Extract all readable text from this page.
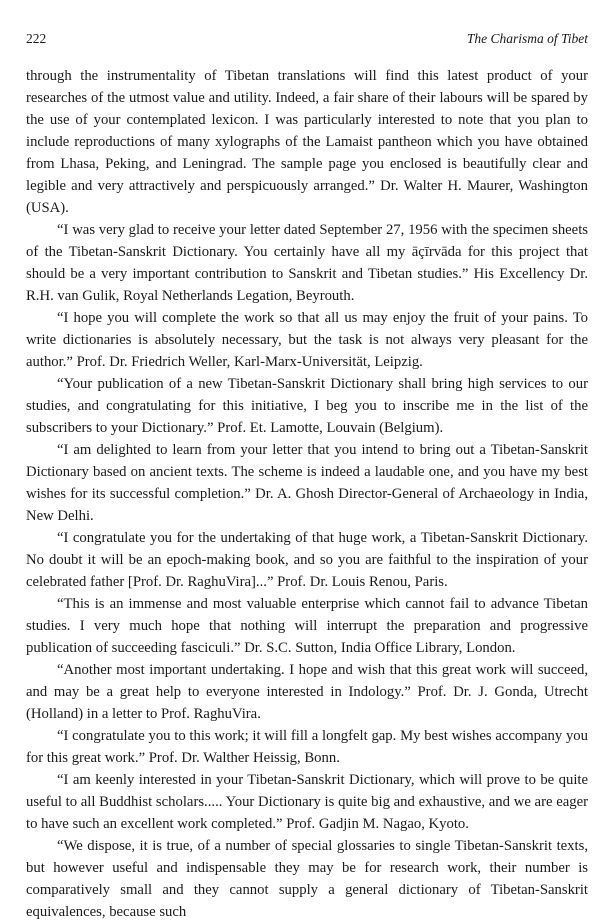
222	The Charisma of Tibet

through the instrumentality of Tibetan translations will find this latest product of your researches of the utmost value and utility. Indeed, a fair share of their labours will be spared by the use of your contemplated lexicon. I was particularly interested to note that you plan to include reproductions of many xylographs of the Lamaist pantheon which you have obtained from Lhasa, Peking, and Leningrad. The sample page you enclosed is beautifully clear and legible and very attractively and perspicuously arranged.” Dr. Walter H. Maurer, Washington (USA).

“I was very glad to receive your letter dated September 27, 1956 with the specimen sheets of the Tibetan-Sanskrit Dictionary. You certainly have all my āçīrvāda for this project that should be a very important contribution to Sanskrit and Tibetan studies.” His Excellency Dr. R.H. van Gulik, Royal Netherlands Legation, Beyrouth.

“I hope you will complete the work so that all us may enjoy the fruit of your pains. To write dictionaries is absolutely necessary, but the task is not always very pleasant for the author.” Prof. Dr. Friedrich Weller, Karl-Marx-Universität, Leipzig.

“Your publication of a new Tibetan-Sanskrit Dictionary shall bring high services to our studies, and congratulating for this initiative, I beg you to inscribe me in the list of the subscribers to your Dictionary.” Prof. Et. Lamotte, Louvain (Belgium).

“I am delighted to learn from your letter that you intend to bring out a Tibetan-Sanskrit Dictionary based on ancient texts. The scheme is indeed a laudable one, and you have my best wishes for its successful completion.” Dr. A. Ghosh Director-General of Archaeology in India, New Delhi.

“I congratulate you for the undertaking of that huge work, a Tibetan-Sanskrit Dictionary. No doubt it will be an epoch-making book, and so you are faithful to the inspiration of your celebrated father [Prof. Dr. RaghuVira]...” Prof. Dr. Louis Renou, Paris.

“This is an immense and most valuable enterprise which cannot fail to advance Tibetan studies. I very much hope that nothing will interrupt the preparation and progressive publication of succeeding fasciculi.” Dr. S.C. Sutton, India Office Library, London.

“Another most important undertaking. I hope and wish that this great work will succeed, and may be a great help to everyone interested in Indology.” Prof. Dr. J. Gonda, Utrecht (Holland) in a letter to Prof. RaghuVira.

“I congratulate you to this work; it will fill a longfelt gap. My best wishes accompany you for this great work.” Prof. Dr. Walther Heissig, Bonn.

“I am keenly interested in your Tibetan-Sanskrit Dictionary, which will prove to be quite useful to all Buddhist scholars..... Your Dictionary is quite big and exhaustive, and we are eager to have such an excellent work completed.” Prof. Gadjin M. Nagao, Kyoto.

“We dispose, it is true, of a number of special glossaries to single Tibetan-Sanskrit texts, but however useful and indispensable they may be for research work, their number is comparatively small and they cannot supply a general dictionary of Tibetan-Sanskrit equivalences, because such
